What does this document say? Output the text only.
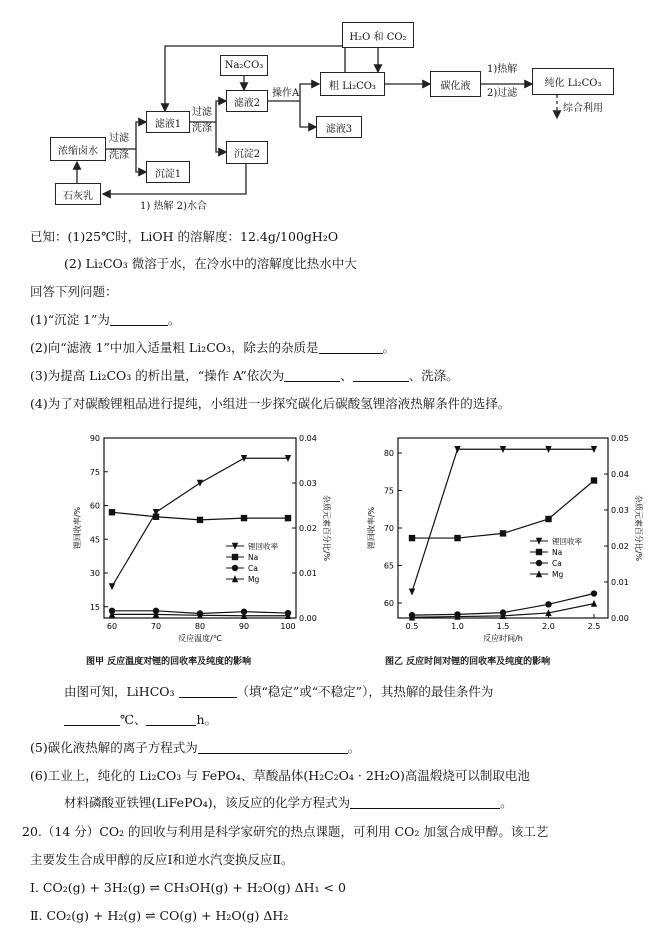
浓缩卤水
滤液1
沉淀1
滤液2
沉淀2
Na₂CO₃
滤液3
H₂O 和 CO₂
粗 Li₂CO₃	碳化液	纯化 Li₂CO₃
石灰乳
过滤
洗涤
过滤
洗涤
操作A
1)热解
2)过滤
综合利用
1) 热解 2)水合
已知：(1)25℃时，LiOH 的溶解度：12.4g/100gH₂O
(2) Li₂CO₃ 微溶于水，在冷水中的溶解度比热水中大
回答下列问题：
(1)“沉淀 1”为	。
(2)向“滤液 1”中加入适量粗 Li₂CO₃，除去的杂质是	。
(3)为提高 Li₂CO₃ 的析出量，“操作 A”依次为	、	、洗涤。
(4)为了对碳酸锂粗品进行提纯，小组进一步探究碳化后碳酸氢锂溶液热解条件的选择。
15
30
45
60
75
90
0.00
0.01
0.02
0.03
0.04
60	70	80	90	100
反应温度/℃
锂回收率/%	杂质元素百分比/%
锂回收率
Na
Ca
Mg
60
65
70
75
80
0.00
0.01
0.02
0.03
0.04
0.05
0.5	1.0	1.5	2.0	2.5
反应时间/h
锂回收率/%	杂质元素百分比/%
锂回收率
Na
Ca
Mg
图甲 反应温度对锂的回收率及纯度的影响	图乙 反应时间对锂的回收率及纯度的影响
由图可知，LiHCO₃	（填“稳定”或“不稳定”），其热解的最佳条件为
℃、	h。
(5)碳化液热解的离子方程式为	。
(6)工业上，纯化的 Li₂CO₃ 与 FePO₄、草酸晶体(H₂C₂O₄ · 2H₂O)高温煅烧可以制取电池
材料磷酸亚铁锂(LiFePO₄)，该反应的化学方程式为	。
20.（14 分）CO₂ 的回收与利用是科学家研究的热点课题，可利用 CO₂ 加氢合成甲醇。该工艺
主要发生合成甲醇的反应Ⅰ和逆水汽变换反应Ⅱ。
Ⅰ. CO₂(g) + 3H₂(g) ⇌ CH₃OH(g) + H₂O(g) ΔH₁ < 0
Ⅱ. CO₂(g) + H₂(g) ⇌ CO(g) + H₂O(g) ΔH₂
